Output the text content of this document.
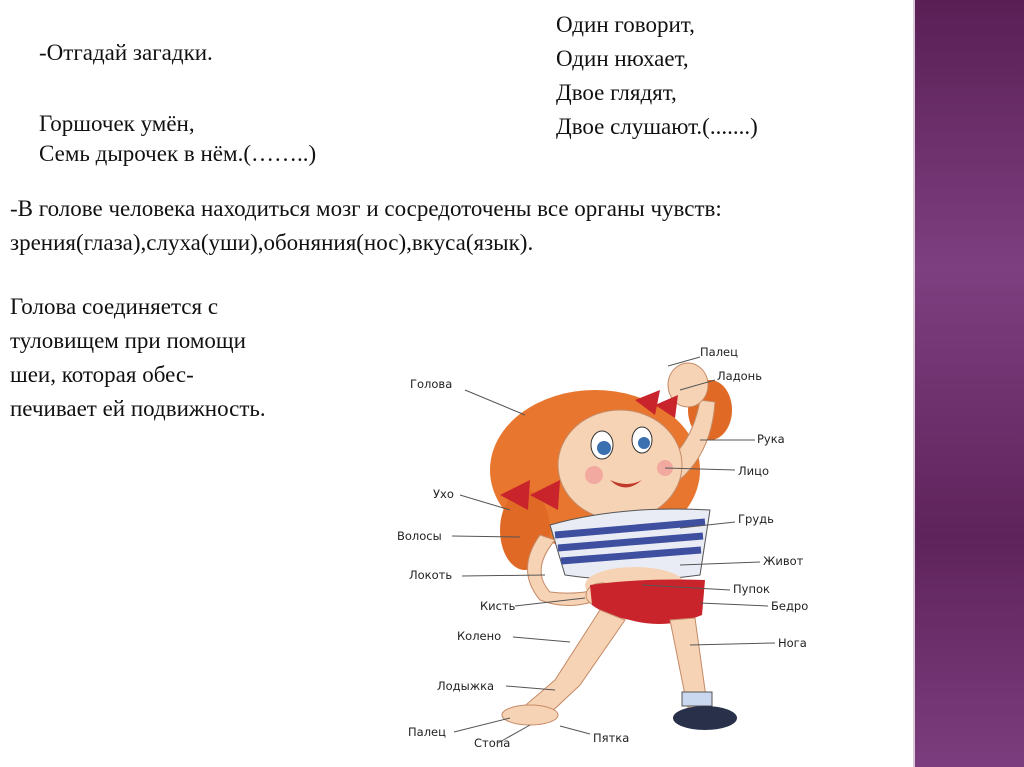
-Отгадай загадки.

Горшочек умён,

Семь дырочек в нём.(……..)

Один говорит,
Один нюхает,
Двое глядят,
Двое слушают.(.......)
-В голове человека находиться мозг и сосредоточены все органы чувств:
зрения(глаза),слуха(уши),обоняния(нос),вкуса(язык).
Голова соединяется с
туловищем при помощи
шеи, которая обес-
печивает ей подвижность.
Палец
Ладонь
Голова
Рука
Лицо
Ухо
Грудь
Волосы
Живот
Локоть
Пупок
Кисть	Бедро
Колено	Нога
Лодыжка
Палец
Стопа	Пятка
